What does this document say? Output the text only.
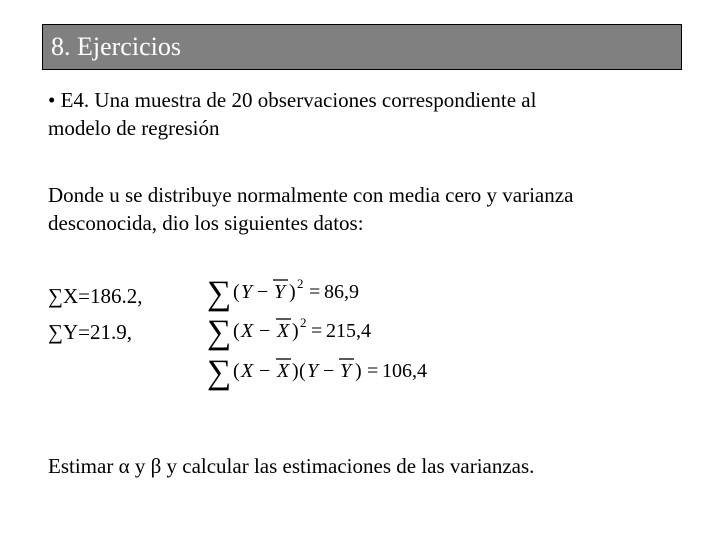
8. Ejercicios
• E4. Una muestra de 20 observaciones correspondiente al
modelo de regresión
Donde u se distribuye normalmente con media cero y varianza
desconocida, dio los siguientes datos:
∑X=186.2,
∑Y=21.9,
∑ ( Y − Y ) 2 = 86,9
∑ ( X − X ) 2 = 215,4
∑ ( X − X ) ( Y − Y ) = 106,4
Estimar α y β y calcular las estimaciones de las varianzas.
